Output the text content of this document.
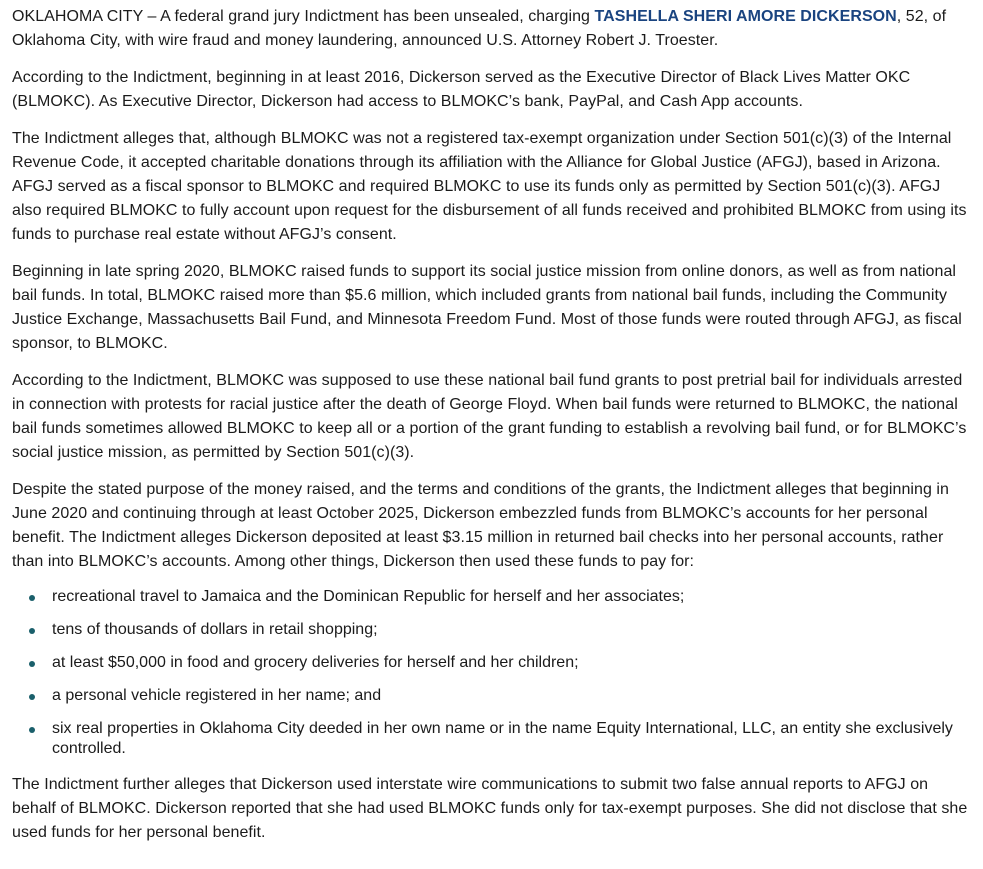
OKLAHOMA CITY – A federal grand jury Indictment has been unsealed, charging TASHELLA SHERI AMORE DICKERSON, 52, of Oklahoma City, with wire fraud and money laundering, announced U.S. Attorney Robert J. Troester.

According to the Indictment, beginning in at least 2016, Dickerson served as the Executive Director of Black Lives Matter OKC (BLMOKC). As Executive Director, Dickerson had access to BLMOKC’s bank, PayPal, and Cash App accounts.

The Indictment alleges that, although BLMOKC was not a registered tax-exempt organization under Section 501(c)(3) of the Internal Revenue Code, it accepted charitable donations through its affiliation with the Alliance for Global Justice (AFGJ), based in Arizona. AFGJ served as a fiscal sponsor to BLMOKC and required BLMOKC to use its funds only as permitted by Section 501(c)(3). AFGJ also required BLMOKC to fully account upon request for the disbursement of all funds received and prohibited BLMOKC from using its funds to purchase real estate without AFGJ’s consent.

Beginning in late spring 2020, BLMOKC raised funds to support its social justice mission from online donors, as well as from national bail funds. In total, BLMOKC raised more than $5.6 million, which included grants from national bail funds, including the Community Justice Exchange, Massachusetts Bail Fund, and Minnesota Freedom Fund. Most of those funds were routed through AFGJ, as fiscal sponsor, to BLMOKC.

According to the Indictment, BLMOKC was supposed to use these national bail fund grants to post pretrial bail for individuals arrested in connection with protests for racial justice after the death of George Floyd. When bail funds were returned to BLMOKC, the national bail funds sometimes allowed BLMOKC to keep all or a portion of the grant funding to establish a revolving bail fund, or for BLMOKC’s social justice mission, as permitted by Section 501(c)(3).

Despite the stated purpose of the money raised, and the terms and conditions of the grants, the Indictment alleges that beginning in June 2020 and continuing through at least October 2025, Dickerson embezzled funds from BLMOKC’s accounts for her personal benefit. The Indictment alleges Dickerson deposited at least $3.15 million in returned bail checks into her personal accounts, rather than into BLMOKC’s accounts. Among other things, Dickerson then used these funds to pay for:

recreational travel to Jamaica and the Dominican Republic for herself and her associates;
tens of thousands of dollars in retail shopping;
at least $50,000 in food and grocery deliveries for herself and her children;
a personal vehicle registered in her name; and
six real properties in Oklahoma City deeded in her own name or in the name Equity International, LLC, an entity she exclusively controlled.

The Indictment further alleges that Dickerson used interstate wire communications to submit two false annual reports to AFGJ on behalf of BLMOKC. Dickerson reported that she had used BLMOKC funds only for tax-exempt purposes. She did not disclose that she used funds for her personal benefit.
